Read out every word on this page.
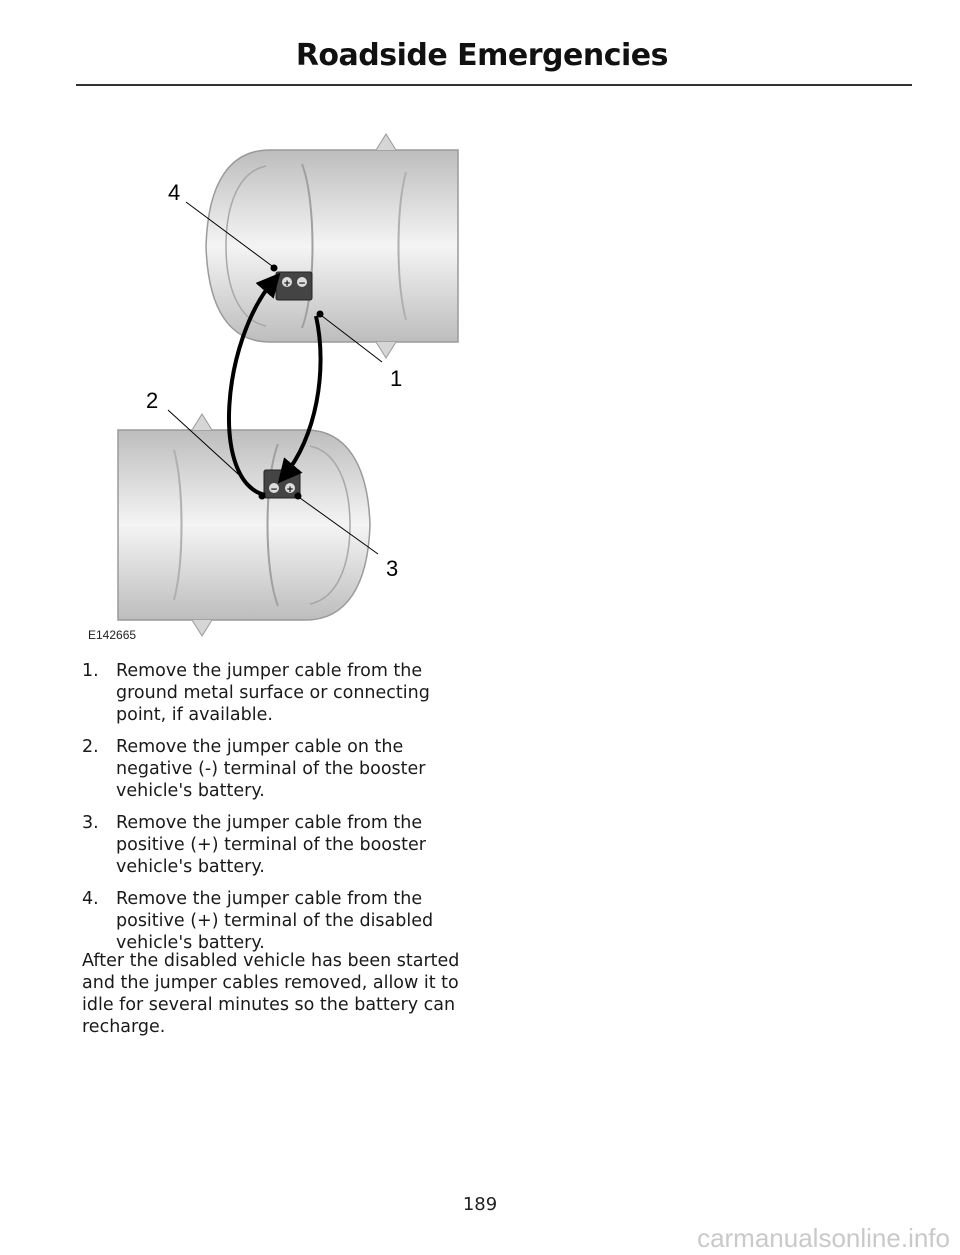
Roadside Emergencies
+ −
− +
4
1
2
3
E142665
1. Remove the jumper cable from the ground metal surface or connecting point, if available.
2. Remove the jumper cable on the negative (-) terminal of the booster vehicle's battery.
3. Remove the jumper cable from the positive (+) terminal of the booster vehicle's battery.
4. Remove the jumper cable from the positive (+) terminal of the disabled vehicle's battery.

After the disabled vehicle has been started and the jumper cables removed, allow it to idle for several minutes so the battery can recharge.

189
carmanualsonline.info
